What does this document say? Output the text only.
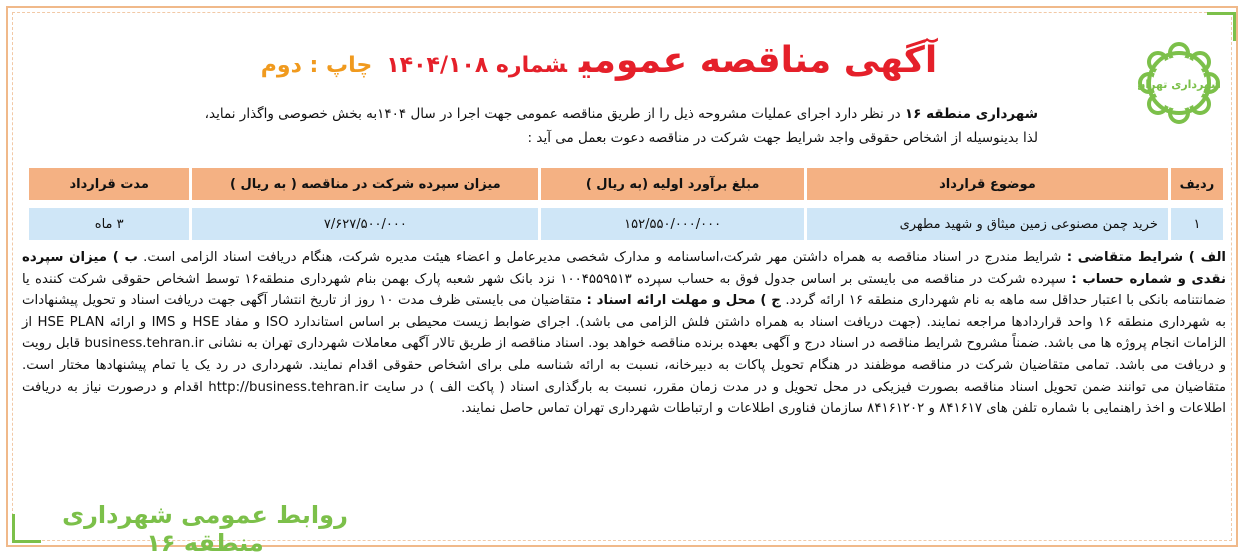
شهرداری تهران
آگهی مناقصه عمومیشماره ۱۴۰۴/۱۰۸چاپ : دوم
شهرداری منطقه ۱۶ در نظر دارد اجرای عملیات مشروحه ذیل را از طریق مناقصه عمومی جهت اجرا در سال ۱۴۰۴به بخش خصوصی واگذار نماید،
لذا بدینوسیله از اشخاص حقوقی واجد شرایط جهت شرکت در مناقصه دعوت بعمل می آید :
ردیف	موضوع قرارداد	مبلغ برآورد اولیه (به ریال )	میزان سپرده شرکت در مناقصه ( به ریال )	مدت قرارداد

۱	خرید چمن مصنوعی زمین میثاق و شهید مطهری	۱۵۲/۵۵۰/۰۰۰/۰۰۰	۷/۶۲۷/۵۰۰/۰۰۰	۳ ماه
الف ) شرایط متقاضی : شرایط مندرج در اسناد مناقصه به همراه داشتن مهر شرکت،اساسنامه و مدارک شخصی مدیرعامل و اعضاء هیئت مدیره شرکت، هنگام دریافت اسناد الزامی است. ب ) میزان سپرده نقدی و شماره حساب : سپرده شرکت در مناقصه می بایستی بر اساس جدول فوق به حساب سپرده ۱۰۰۴۵۵۹۵۱۳ نزد بانک شهر شعبه پارک بهمن بنام شهرداری منطقه۱۶ توسط اشخاص حقوقی شرکت کننده یا ضمانتنامه بانکی با اعتبار حداقل سه ماهه به نام شهرداری منطقه ۱۶ ارائه گردد. ج ) محل و مهلت ارائه اسناد : متقاضیان می بایستی ظرف مدت ۱۰ روز از تاریخ انتشار آگهی جهت دریافت اسناد و تحویل پیشنهادات به شهرداری منطقه ۱۶ واحد قراردادها مراجعه نمایند. (جهت دریافت اسناد به همراه داشتن فلش الزامی می باشد). اجرای ضوابط زیست محیطی بر اساس استاندارد ISO و مفاد HSE و IMS و ارائه HSE PLAN از الزامات انجام پروژه ها می باشد. ضمناً مشروح شرایط مناقصه در اسناد درج و آگهی بعهده برنده مناقصه خواهد بود. اسناد مناقصه از طریق تالار آگهی معاملات شهرداری تهران به نشانی business.tehran.ir قابل رویت و دریافت می باشد. تمامی متقاضیان شرکت در مناقصه موظفند در هنگام تحویل پاکات به دبیرخانه، نسبت به ارائه شناسه ملی برای اشخاص حقوقی اقدام نمایند. شهرداری در رد یک یا تمام پیشنهادها مختار است. متقاضیان می توانند ضمن تحویل اسناد مناقصه بصورت فیزیکی در محل تحویل و در مدت زمان مقرر، نسبت به بارگذاری اسناد ( پاکت الف ) در سایت http://business.tehran.ir اقدام و درصورت نیاز به دریافت اطلاعات و اخذ راهنمایی با شماره تلفن های ۸۴۱۶۱۷ و ۸۴۱۶۱۲۰۲ سازمان فناوری اطلاعات و ارتباطات شهرداری تهران تماس حاصل نمایند.
روابط عمومی شهرداری منطقه ۱۶
